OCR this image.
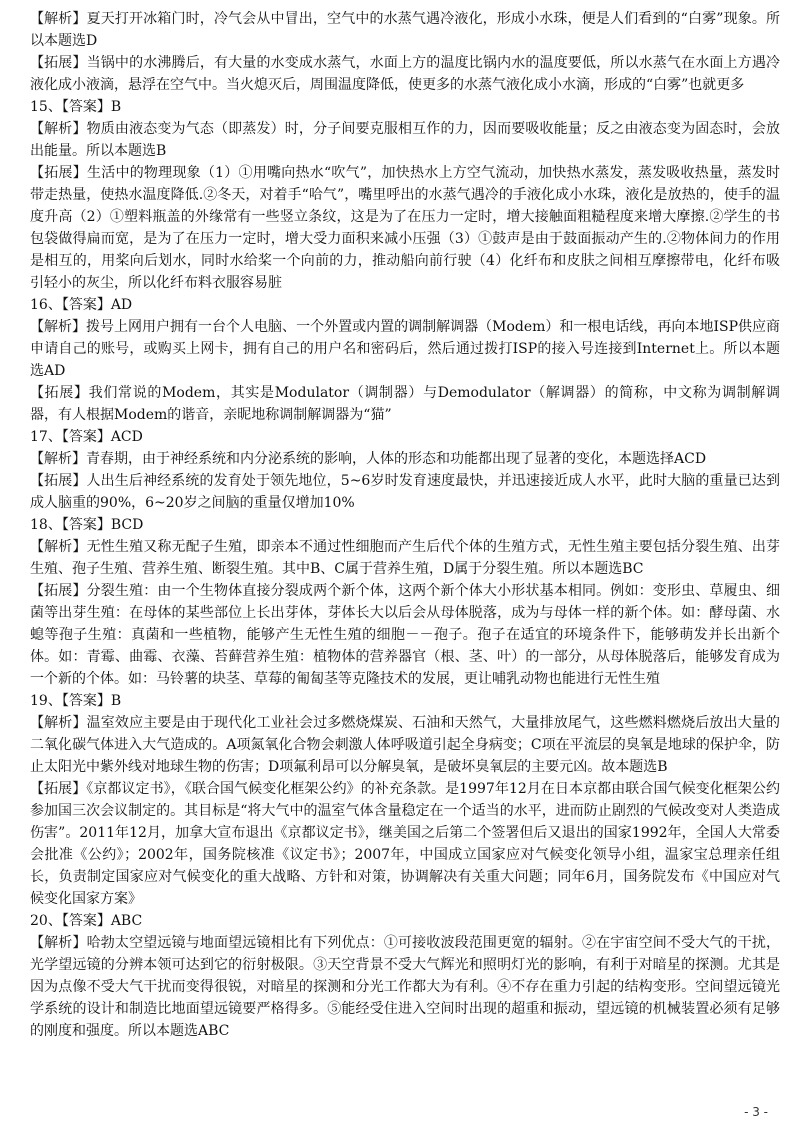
【解析】夏天打开冰箱门时，冷气会从中冒出，空气中的水蒸气遇冷液化，形成小水珠，便是人们看到的“白雾”现象。所以本题选D

【拓展】当锅中的水沸腾后，有大量的水变成水蒸气，水面上方的温度比锅内水的温度要低，所以水蒸气在水面上方遇冷液化成小液滴，悬浮在空气中。当火熄灭后，周围温度降低，使更多的水蒸气液化成小水滴，形成的“白雾”也就更多

15、【答案】B

【解析】物质由液态变为气态（即蒸发）时，分子间要克服相互作的力，因而要吸收能量；反之由液态变为固态时，会放出能量。所以本题选B

【拓展】生活中的物理现象（1）①用嘴向热水“吹气”，加快热水上方空气流动，加快热水蒸发，蒸发吸收热量，蒸发时带走热量，使热水温度降低.②冬天，对着手“哈气”，嘴里呼出的水蒸气遇冷的手液化成小水珠，液化是放热的，使手的温度升高（2）①塑料瓶盖的外缘常有一些竖立条纹，这是为了在压力一定时，增大接触面粗糙程度来增大摩擦.②学生的书包袋做得扁而宽，是为了在压力一定时，增大受力面积来减小压强（3）①鼓声是由于鼓面振动产生的.②物体间力的作用是相互的，用桨向后划水，同时水给桨一个向前的力，推动船向前行驶（4）化纤布和皮肤之间相互摩擦带电，化纤布吸引轻小的灰尘，所以化纤布料衣服容易脏

16、【答案】AD

【解析】拨号上网用户拥有一台个人电脑、一个外置或内置的调制解调器（Modem）和一根电话线，再向本地ISP供应商申请自己的账号，或购买上网卡，拥有自己的用户名和密码后，然后通过拨打ISP的接入号连接到Internet上。所以本题选AD

【拓展】我们常说的Modem，其实是Modulator（调制器）与Demodulator（解调器）的简称，中文称为调制解调器，有人根据Modem的谐音，亲昵地称调制解调器为“猫”

17、【答案】ACD

【解析】青春期，由于神经系统和内分泌系统的影响，人体的形态和功能都出现了显著的变化，本题选择ACD

【拓展】人出生后神经系统的发育处于领先地位，5~6岁时发育速度最快，并迅速接近成人水平，此时大脑的重量已达到成人脑重的90%，6~20岁之间脑的重量仅增加10%

18、【答案】BCD

【解析】无性生殖又称无配子生殖，即亲本不通过性细胞而产生后代个体的生殖方式，无性生殖主要包括分裂生殖、出芽生殖、孢子生殖、营养生殖、断裂生殖。其中B、C属于营养生殖，D属于分裂生殖。所以本题选BC

【拓展】分裂生殖：由一个生物体直接分裂成两个新个体，这两个新个体大小形状基本相同。例如：变形虫、草履虫、细菌等出芽生殖：在母体的某些部位上长出芽体，芽体长大以后会从母体脱落，成为与母体一样的新个体。如：酵母菌、水螅等孢子生殖：真菌和一些植物，能够产生无性生殖的细胞－－孢子。孢子在适宜的环境条件下，能够萌发并长出新个体。如：青霉、曲霉、衣藻、苔藓营养生殖：植物体的营养器官（根、茎、叶）的一部分，从母体脱落后，能够发育成为一个新的个体。如：马铃薯的块茎、草莓的匍匐茎等克隆技术的发展，更让哺乳动物也能进行无性生殖

19、【答案】B

【解析】温室效应主要是由于现代化工业社会过多燃烧煤炭、石油和天然气，大量排放尾气，这些燃料燃烧后放出大量的二氧化碳气体进入大气造成的。A项氮氧化合物会刺激人体呼吸道引起全身病变；C项在平流层的臭氧是地球的保护伞，防止太阳光中紫外线对地球生物的伤害；D项氟利昂可以分解臭氧，是破坏臭氧层的主要元凶。故本题选B

【拓展】《京都议定书》，《联合国气候变化框架公约》的补充条款。是1997年12月在日本京都由联合国气候变化框架公约参加国三次会议制定的。其目标是“将大气中的温室气体含量稳定在一个适当的水平，进而防止剧烈的气候改变对人类造成伤害”。2011年12月，加拿大宣布退出《京都议定书》，继美国之后第二个签署但后又退出的国家1992年，全国人大常委会批准《公约》；2002年，国务院核准《议定书》；2007年，中国成立国家应对气候变化领导小组，温家宝总理亲任组长，负责制定国家应对气候变化的重大战略、方针和对策，协调解决有关重大问题；同年6月，国务院发布《中国应对气候变化国家方案》

20、【答案】ABC

【解析】哈勃太空望远镜与地面望远镜相比有下列优点：①可接收波段范围更宽的辐射。②在宇宙空间不受大气的干扰，光学望远镜的分辨本领可达到它的衍射极限。③天空背景不受大气辉光和照明灯光的影响，有利于对暗星的探测。尤其是因为点像不受大气干扰而变得很锐，对暗星的探测和分光工作都大为有利。④不存在重力引起的结构变形。空间望远镜光学系统的设计和制造比地面望远镜要严格得多。⑤能经受住进入空间时出现的超重和振动，望远镜的机械装置必须有足够的刚度和强度。所以本题选ABC

- 3 -
